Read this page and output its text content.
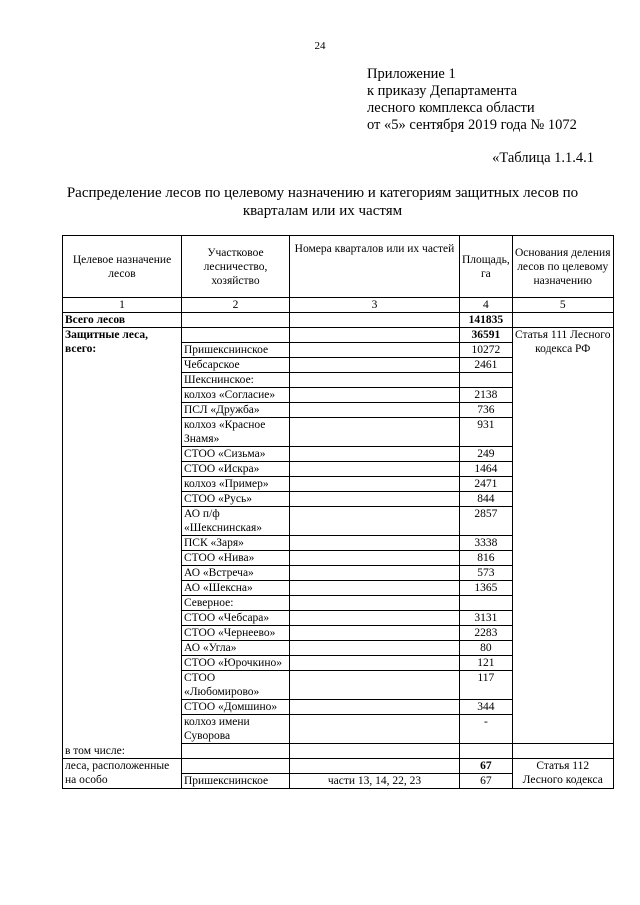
24
Приложение 1
к приказу Департамента
лесного комплекса области
от «5» сентября 2019 года № 1072
«Таблица 1.1.4.1
Распределение лесов по целевому назначению и категориям защитных лесов по кварталам или их частям
Целевое назначение лесов	Участковое лесничество, хозяйство	Номера кварталов или их частей	Площадь, га	Основания деления лесов по целевому назначению
1	2	3	4	5
Всего лесов			141835	
Защитные леса, всего:			36591	Статья 111 Лесного кодекса РФ
	Пришекснинское		10272	
	Чебсарское		2461	
	Шекснинское:			
	колхоз «Согласие»		2138	
	ПСЛ «Дружба»		736	
	колхоз «Красное Знамя»		931	
	СТОО «Сизьма»		249	
	СТОО «Искра»		1464	
	колхоз «Пример»		2471	
	СТОО «Русь»		844	
	АО п/ф «Шекснинская»		2857	
	ПСК «Заря»		3338	
	СТОО «Нива»		816	
	АО «Встреча»		573	
	АО «Шексна»		1365	
	Северное:			
	СТОО «Чебсара»		3131	
	СТОО «Чернеево»		2283	
	АО «Угла»		80	
	СТОО «Юрочкино»		121	
	СТОО «Любомирово»		117	
	СТОО «Домшино»		344	
	колхоз имени Суворова		-	
в том числе:				
леса, расположенные			67	Статья 112
на особо	Пришекснинское	части 13, 14, 22, 23	67	Лесного кодекса
